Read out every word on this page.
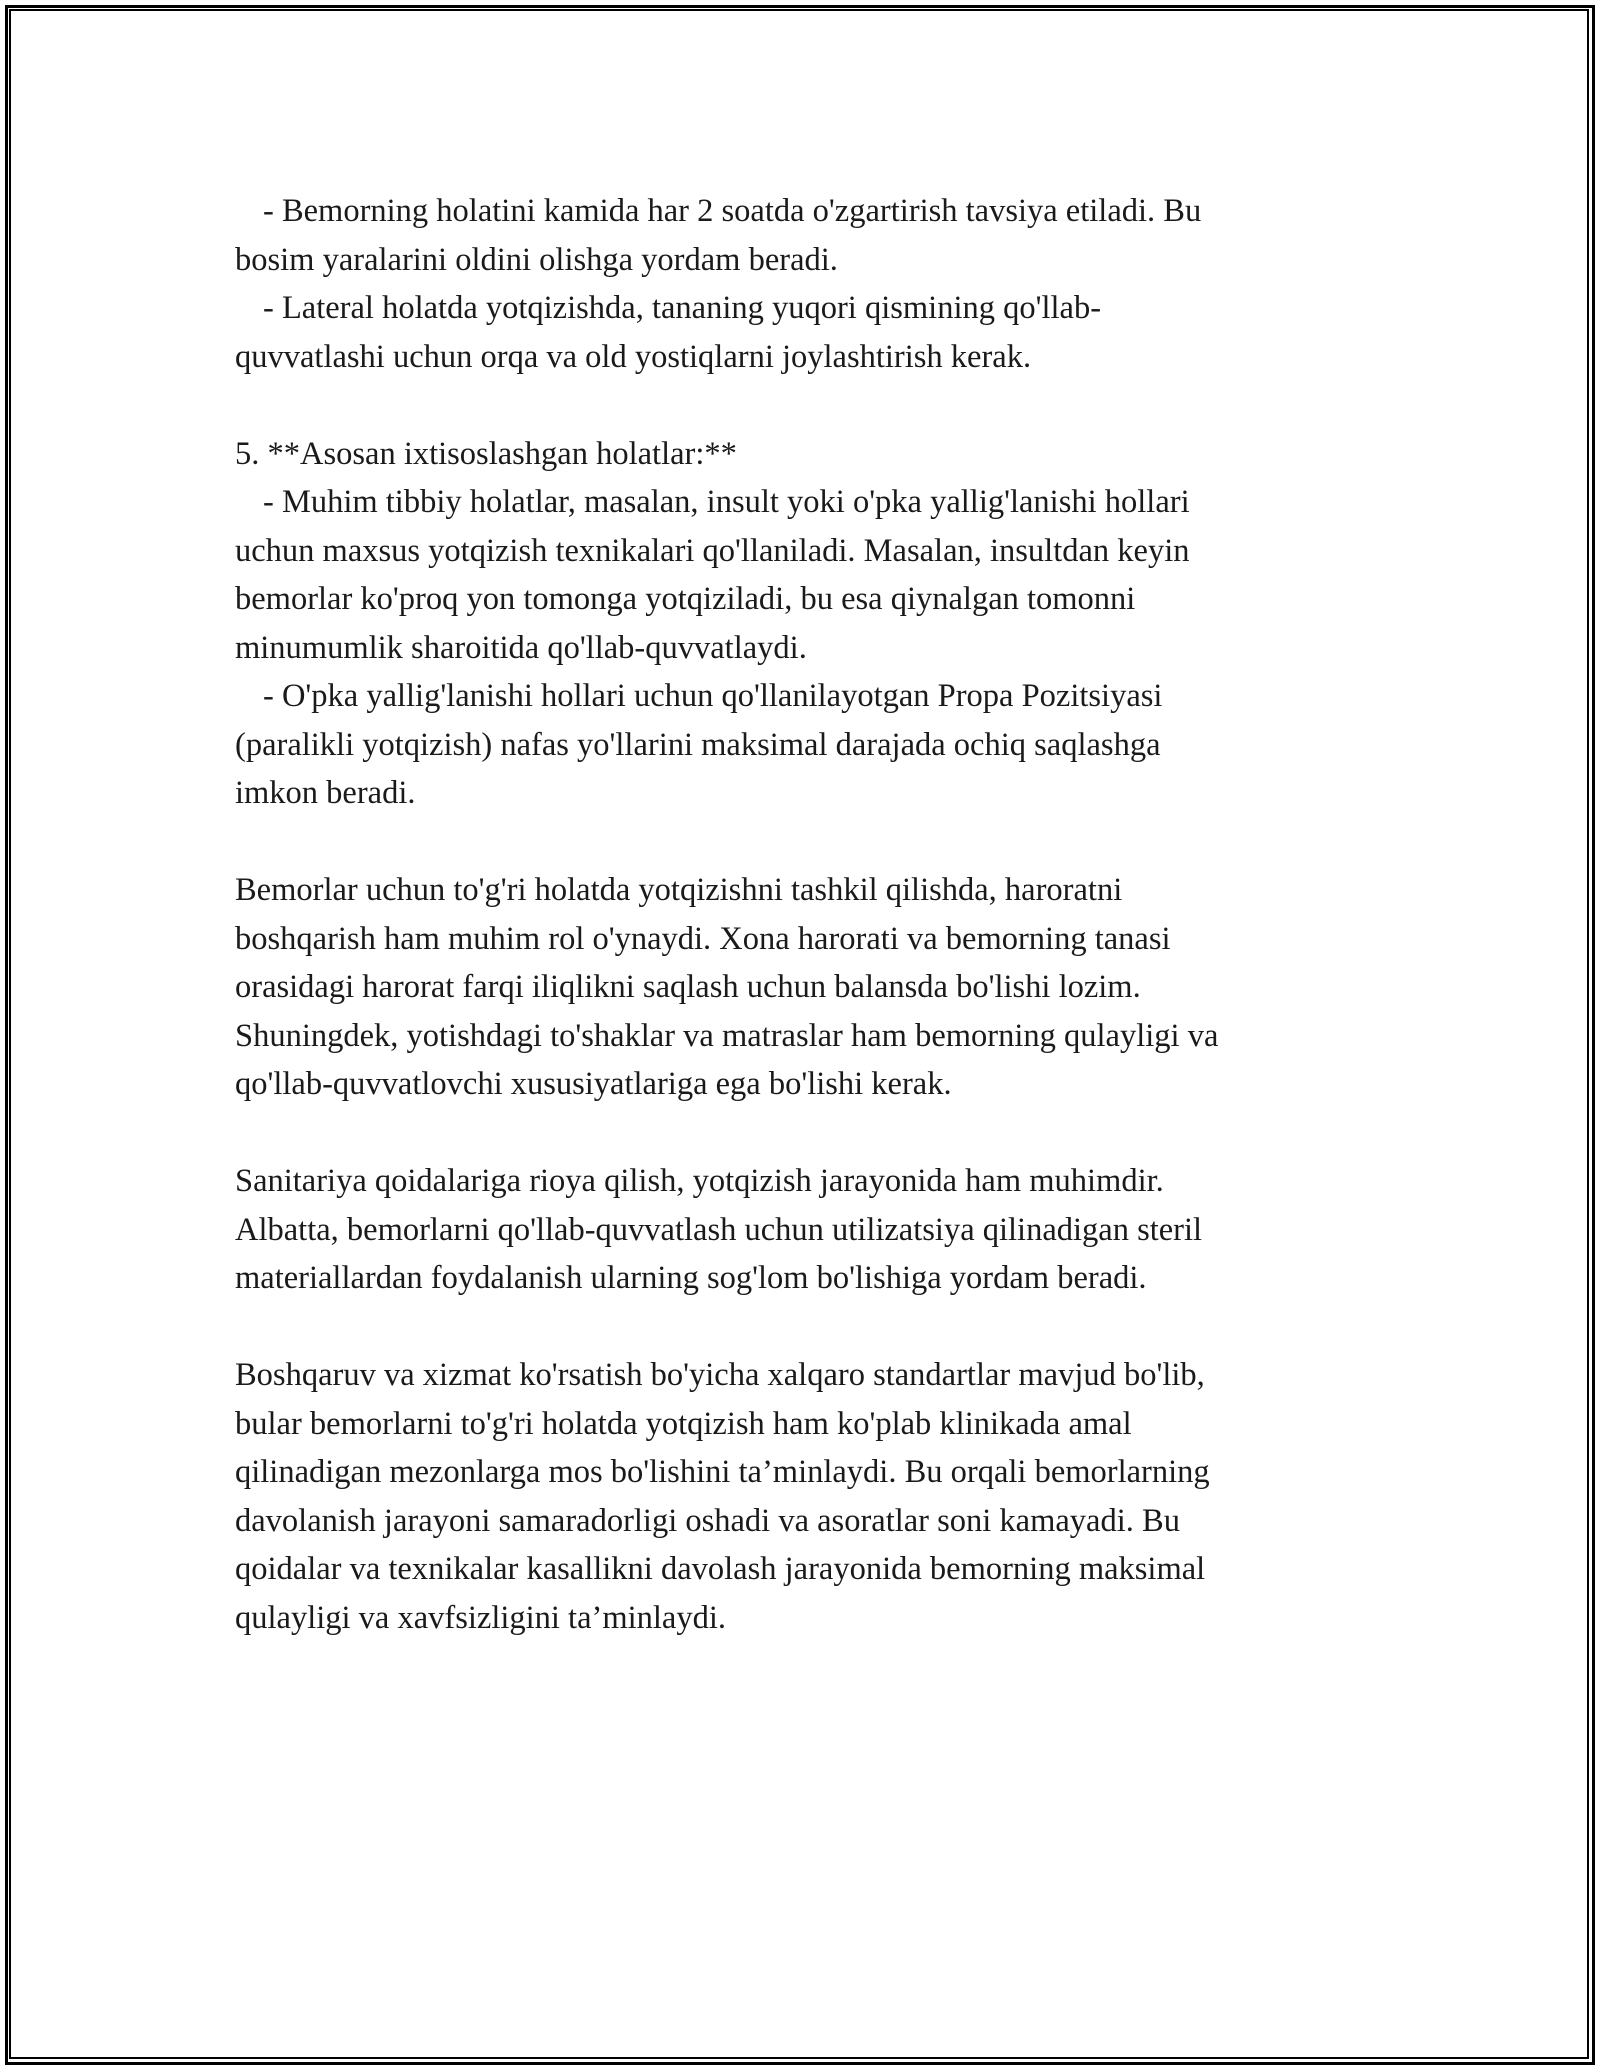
- Bemorning holatini kamida har 2 soatda o'zgartirish tavsiya etiladi. Bu

bosim yaralarini oldini olishga yordam beradi.

- Lateral holatda yotqizishda, tananing yuqori qismining qo'llab-

quvvatlashi uchun orqa va old yostiqlarni joylashtirish kerak.

5. **Asosan ixtisoslashgan holatlar:**

- Muhim tibbiy holatlar, masalan, insult yoki o'pka yallig'lanishi hollari

uchun maxsus yotqizish texnikalari qo'llaniladi. Masalan, insultdan keyin

bemorlar ko'proq yon tomonga yotqiziladi, bu esa qiynalgan tomonni

minumumlik sharoitida qo'llab-quvvatlaydi.

- O'pka yallig'lanishi hollari uchun qo'llanilayotgan Propa Pozitsiyasi

(paralikli yotqizish) nafas yo'llarini maksimal darajada ochiq saqlashga

imkon beradi.

Bemorlar uchun to'g'ri holatda yotqizishni tashkil qilishda, haroratni

boshqarish ham muhim rol o'ynaydi. Xona harorati va bemorning tanasi

orasidagi harorat farqi iliqlikni saqlash uchun balansda bo'lishi lozim.

Shuningdek, yotishdagi to'shaklar va matraslar ham bemorning qulayligi va

qo'llab-quvvatlovchi xususiyatlariga ega bo'lishi kerak.

Sanitariya qoidalariga rioya qilish, yotqizish jarayonida ham muhimdir.

Albatta, bemorlarni qo'llab-quvvatlash uchun utilizatsiya qilinadigan steril

materiallardan foydalanish ularning sog'lom bo'lishiga yordam beradi.

Boshqaruv va xizmat ko'rsatish bo'yicha xalqaro standartlar mavjud bo'lib,

bular bemorlarni to'g'ri holatda yotqizish ham ko'plab klinikada amal

qilinadigan mezonlarga mos bo'lishini ta’minlaydi. Bu orqali bemorlarning

davolanish jarayoni samaradorligi oshadi va asoratlar soni kamayadi. Bu

qoidalar va texnikalar kasallikni davolash jarayonida bemorning maksimal

qulayligi va xavfsizligini ta’minlaydi.
